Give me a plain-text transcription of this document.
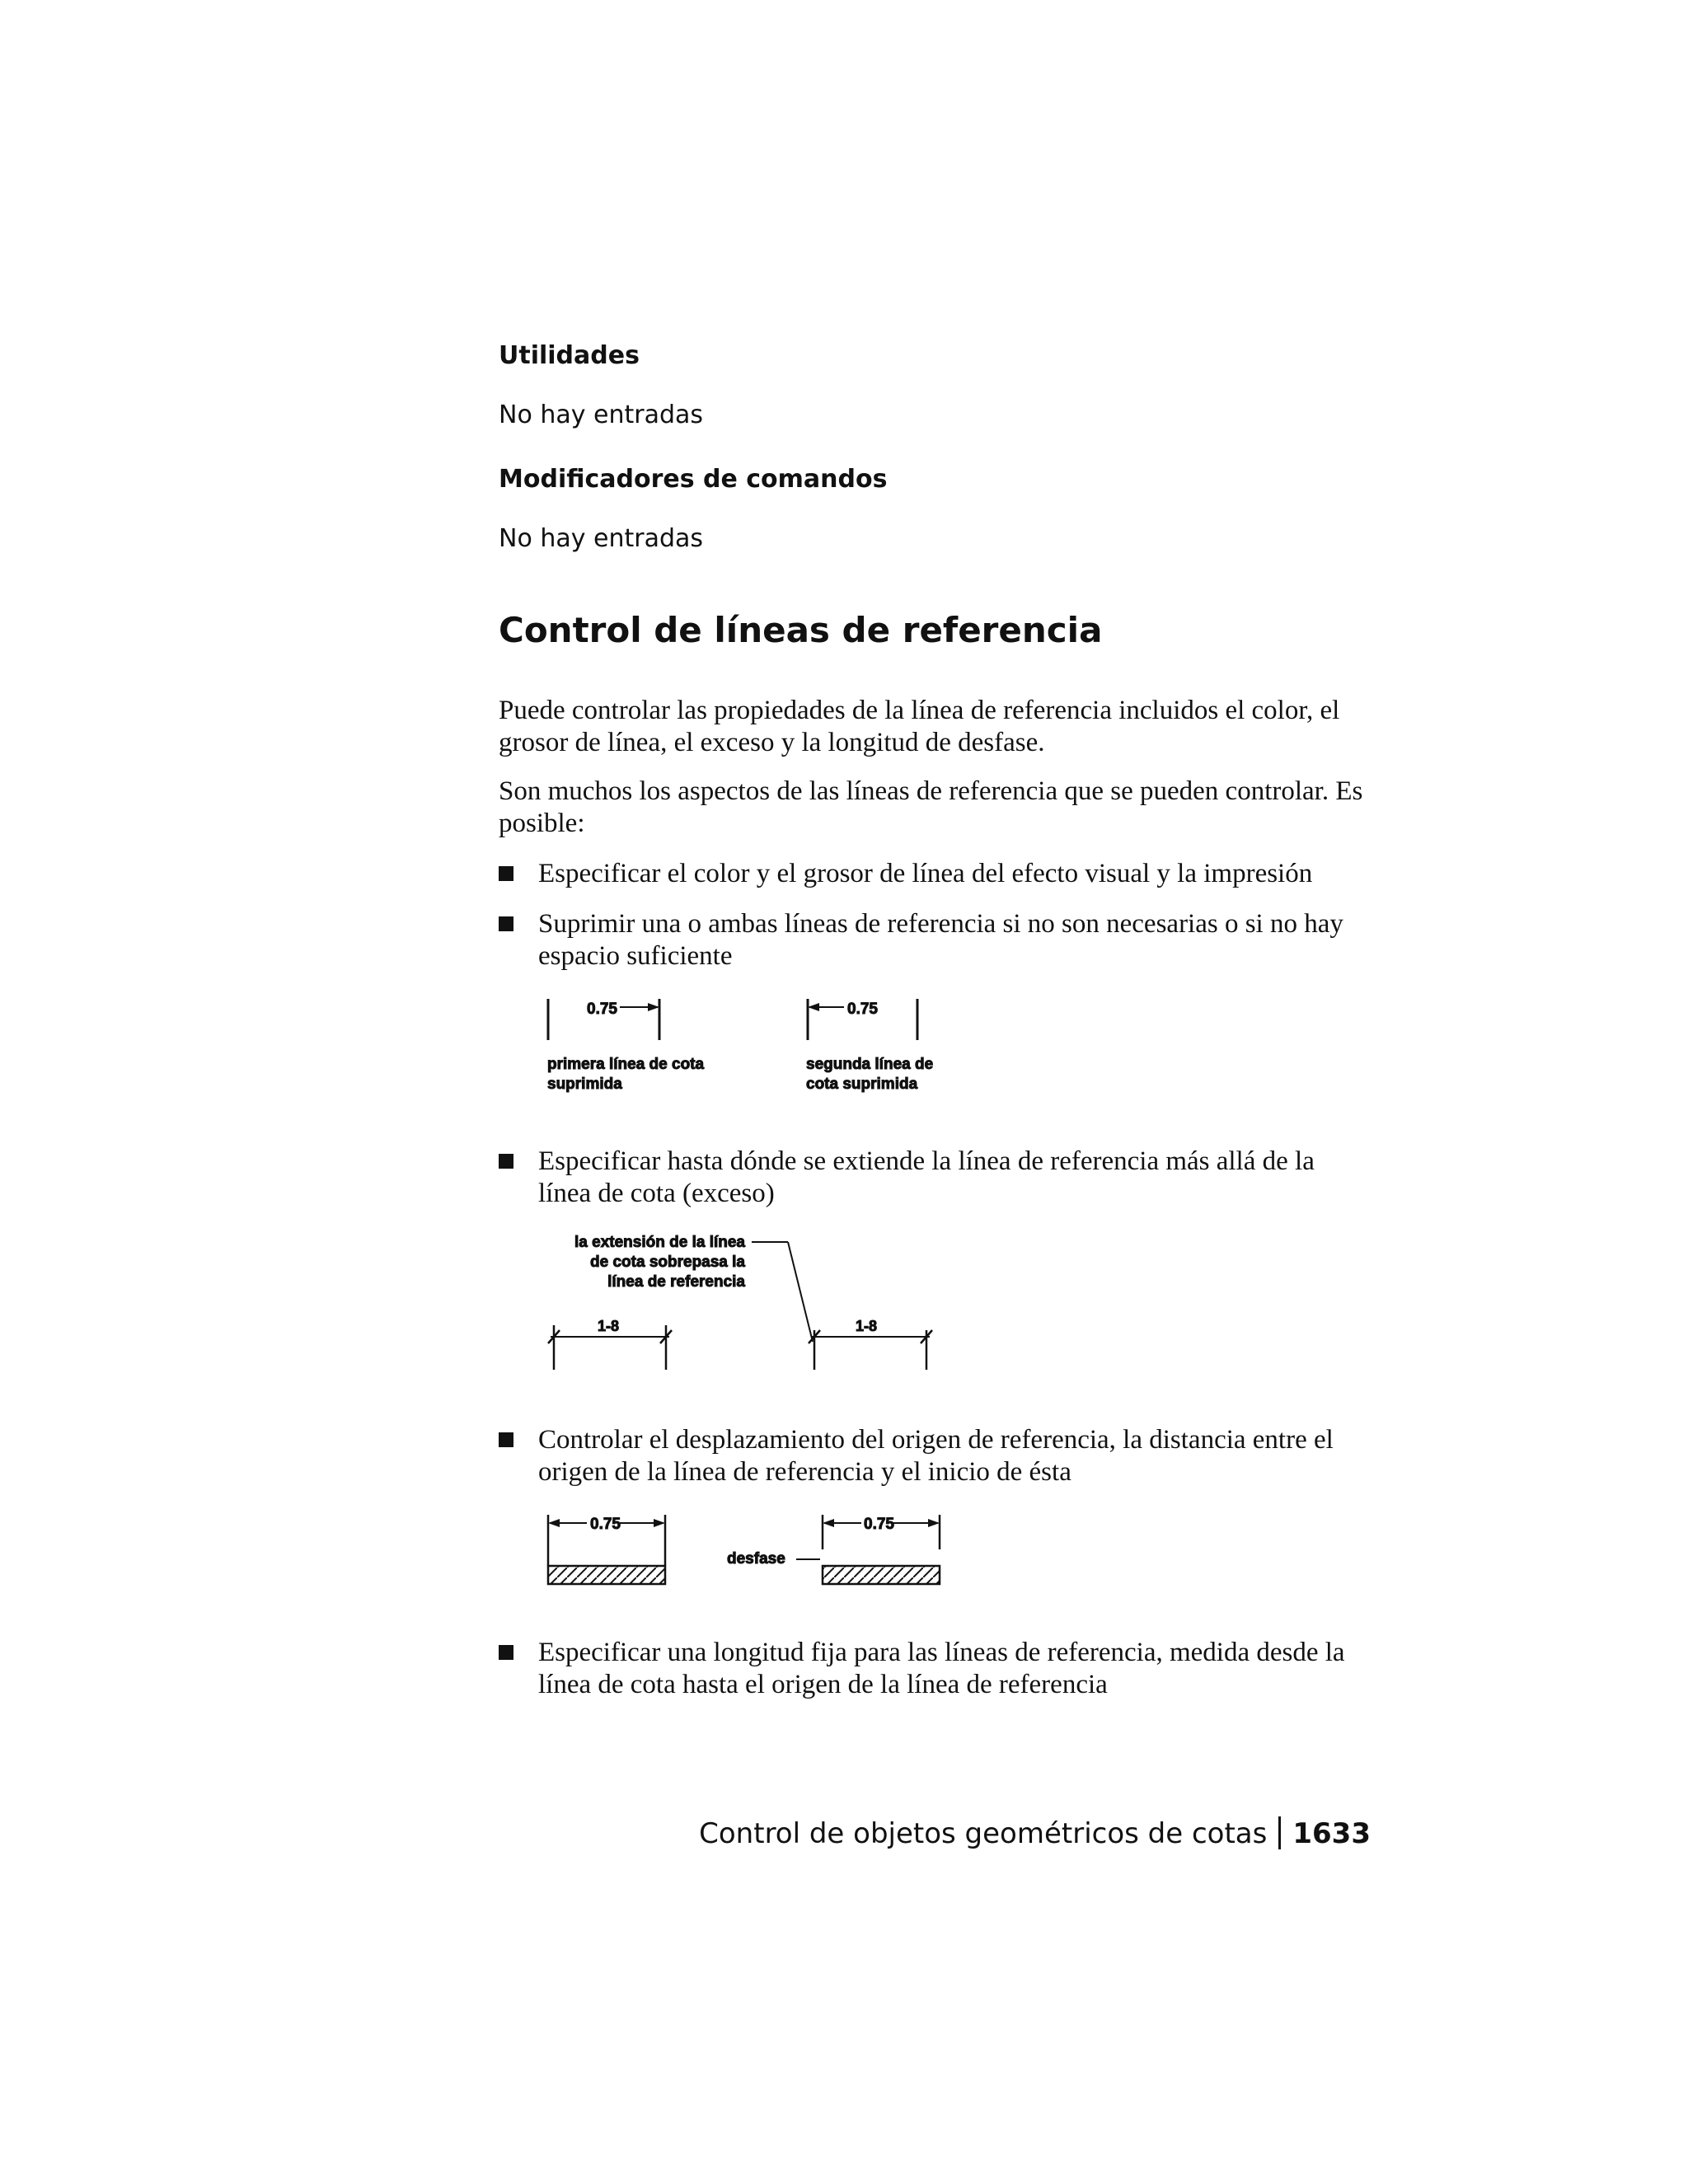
Utilidades
No hay entradas
Modificadores de comandos
No hay entradas
Control de líneas de referencia
Puede controlar las propiedades de la línea de referencia incluidos el color, el grosor de línea, el exceso y la longitud de desfase.
Son muchos los aspectos de las líneas de referencia que se pueden controlar. Es posible:
Especificar el color y el grosor de línea del efecto visual y la impresión
Suprimir una o ambas líneas de referencia si no son necesarias o si no hay espacio suficiente
0.75
primera línea de cota
suprimida
0.75
segunda línea de
cota suprimida
Especificar hasta dónde se extiende la línea de referencia más allá de la línea de cota (exceso)
la extensión de la línea
de cota sobrepasa la
línea de referencia
1-8	1-8
Controlar el desplazamiento del origen de referencia, la distancia entre el origen de la línea de referencia y el inicio de ésta
0.75
desfase
0.75
Especificar una longitud fija para las líneas de referencia, medida desde la línea de cota hasta el origen de la línea de referencia
Control de objetos geométricos de cotas 1633
